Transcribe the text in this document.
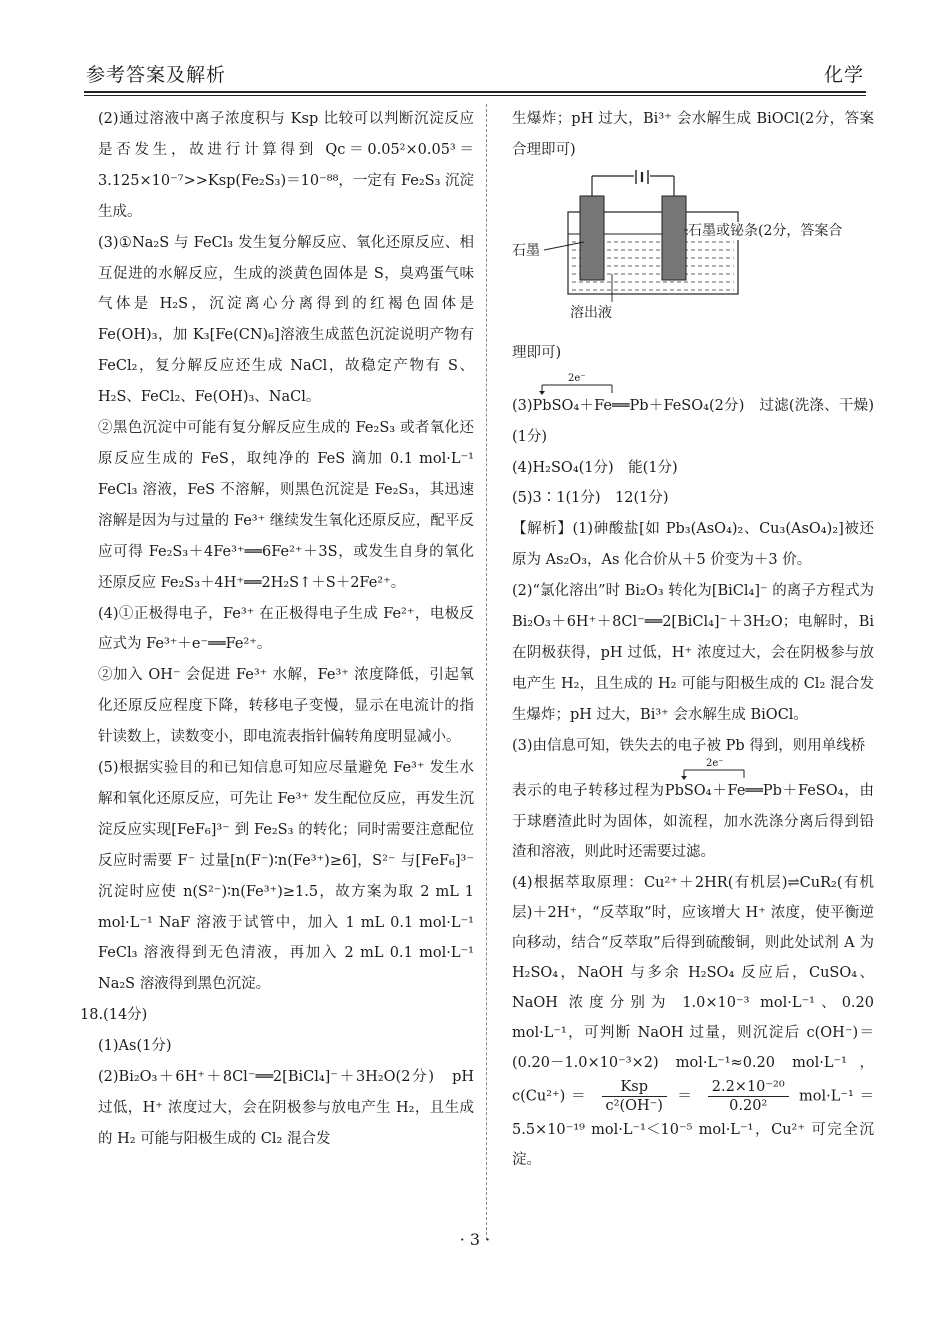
参考答案及解析	化学

(2)通过溶液中离子浓度积与 Ksp 比较可以判断沉淀反应是否发生，故进行计算得到 Qc＝0.05²×0.05³＝3.125×10⁻⁷>>Ksp(Fe₂S₃)＝10⁻⁸⁸，一定有 Fe₂S₃ 沉淀生成。

(3)①Na₂S 与 FeCl₃ 发生复分解反应、氧化还原反应、相互促进的水解反应，生成的淡黄色固体是 S，臭鸡蛋气味气体是 H₂S，沉淀离心分离得到的红褐色固体是 Fe(OH)₃，加 K₃[Fe(CN)₆]溶液生成蓝色沉淀说明产物有 FeCl₂，复分解反应还生成 NaCl，故稳定产物有 S、H₂S、FeCl₂、Fe(OH)₃、NaCl。

②黑色沉淀中可能有复分解反应生成的 Fe₂S₃ 或者氧化还原反应生成的 FeS，取纯净的 FeS 滴加 0.1 mol·L⁻¹ FeCl₃ 溶液，FeS 不溶解，则黑色沉淀是 Fe₂S₃，其迅速溶解是因为与过量的 Fe³⁺ 继续发生氧化还原反应，配平反应可得 Fe₂S₃＋4Fe³⁺══6Fe²⁺＋3S，或发生自身的氧化还原反应 Fe₂S₃＋4H⁺══2H₂S↑＋S＋2Fe²⁺。

(4)①正极得电子，Fe³⁺ 在正极得电子生成 Fe²⁺，电极反应式为 Fe³⁺＋e⁻══Fe²⁺。

②加入 OH⁻ 会促进 Fe³⁺ 水解，Fe³⁺ 浓度降低，引起氧化还原反应程度下降，转移电子变慢，显示在电流计的指针读数上，读数变小，即电流表指针偏转角度明显减小。

(5)根据实验目的和已知信息可知应尽量避免 Fe³⁺ 发生水解和氧化还原反应，可先让 Fe³⁺ 发生配位反应，再发生沉淀反应实现[FeF₆]³⁻ 到 Fe₂S₃ 的转化；同时需要注意配位反应时需要 F⁻ 过量[n(F⁻)∶n(Fe³⁺)≥6]，S²⁻ 与[FeF₆]³⁻ 沉淀时应使 n(S²⁻)∶n(Fe³⁺)≥1.5，故方案为取 2 mL 1 mol·L⁻¹ NaF 溶液于试管中，加入 1 mL 0.1 mol·L⁻¹ FeCl₃ 溶液得到无色清液，再加入 2 mL 0.1 mol·L⁻¹ Na₂S 溶液得到黑色沉淀。

18.(14分)

(1)As(1分)

(2)Bi₂O₃＋6H⁺＋8Cl⁻══2[BiCl₄]⁻＋3H₂O(2分)　pH 过低，H⁺ 浓度过大，会在阴极参与放电产生 H₂，且生成的 H₂ 可能与阳极生成的 Cl₂ 混合发

生爆炸；pH 过大，Bi³⁺ 会水解生成 BiOCl(2分，答案合理即可)

石墨
石墨或铋条(2分，答案合
溶出液

理即可)

2e⁻

(3)PbSO₄＋Fe══Pb＋FeSO₄(2分)　过滤(洗涤、干燥)(1分)

(4)H₂SO₄(1分)　能(1分)

(5)3∶1(1分)　12(1分)

【解析】(1)砷酸盐[如 Pb₃(AsO₄)₂、Cu₃(AsO₄)₂]被还原为 As₂O₃，As 化合价从＋5 价变为＋3 价。

(2)“氯化溶出”时 Bi₂O₃ 转化为[BiCl₄]⁻ 的离子方程式为 Bi₂O₃＋6H⁺＋8Cl⁻══2[BiCl₄]⁻＋3H₂O；电解时，Bi 在阴极获得，pH 过低，H⁺ 浓度过大，会在阴极参与放电产生 H₂，且生成的 H₂ 可能与阳极生成的 Cl₂ 混合发生爆炸；pH 过大，Bi³⁺ 会水解生成 BiOCl。

(3)由信息可知，铁失去的电子被 Pb 得到，则用单线桥

2e⁻

表示的电子转移过程为PbSO₄＋Fe══Pb＋FeSO₄，由于球磨渣此时为固体，如流程，加水洗涤分离后得到铅渣和溶液，则此时还需要过滤。

(4)根据萃取原理：Cu²⁺＋2HR(有机层)⇌CuR₂(有机层)＋2H⁺，“反萃取”时，应该增大 H⁺ 浓度，使平衡逆向移动，结合“反萃取”后得到硫酸铜，则此处试剂 A 为 H₂SO₄，NaOH 与多余 H₂SO₄ 反应后，CuSO₄、NaOH 浓度分别为 1.0×10⁻³ mol·L⁻¹、0.20 mol·L⁻¹，可判断 NaOH 过量，则沉淀后 c(OH⁻)＝(0.20－1.0×10⁻³×2) mol·L⁻¹≈0.20 mol·L⁻¹，$c(Cu^{2+})= \frac{\text{Ksp}}{\text{c²(OH⁻)}} = \frac{\text{2.2×10⁻²⁰}}{\text{0.20²}} mol\cdot L^{-1}=5.5\times 10^{-19}$ mol·L⁻¹＜10⁻⁵ mol·L⁻¹，Cu²⁺ 可完全沉淀。

· 3 ·
